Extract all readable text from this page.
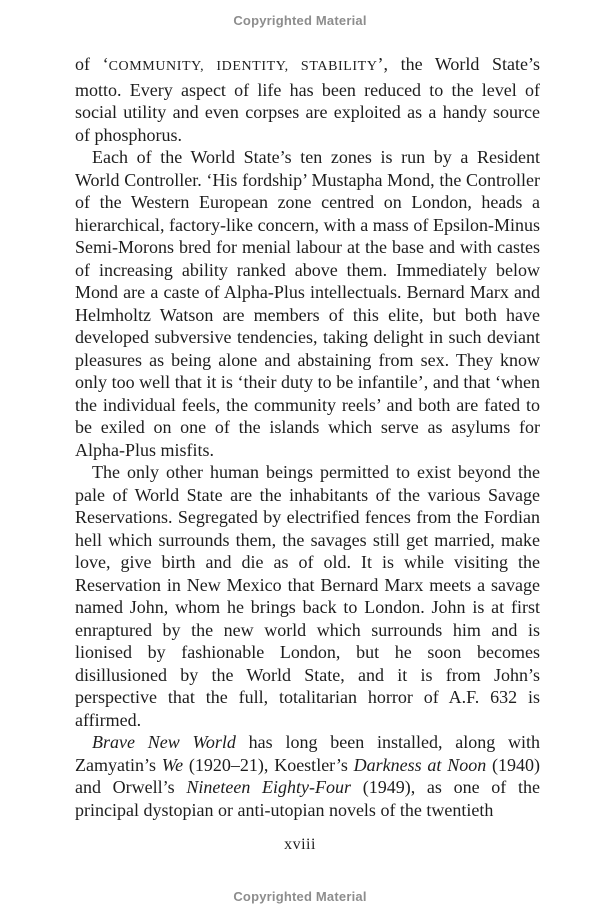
Copyrighted Material

of ‘COMMUNITY, IDENTITY, STABILITY’, the World State’s motto. Every aspect of life has been reduced to the level of social utility and even corpses are exploited as a handy source of phosphorus.

Each of the World State’s ten zones is run by a Resident World Controller. ‘His fordship’ Mustapha Mond, the Controller of the Western European zone centred on London, heads a hierarchical, factory-like concern, with a mass of Epsilon-Minus Semi-Morons bred for menial labour at the base and with castes of increasing ability ranked above them. Immediately below Mond are a caste of Alpha-Plus intellectuals. Bernard Marx and Helmholtz Watson are members of this elite, but both have developed subversive tendencies, taking delight in such deviant pleasures as being alone and abstaining from sex. They know only too well that it is ‘their duty to be infantile’, and that ‘when the individual feels, the community reels’ and both are fated to be exiled on one of the islands which serve as asylums for Alpha-Plus misfits.

The only other human beings permitted to exist beyond the pale of World State are the inhabitants of the various Savage Reservations. Segregated by electrified fences from the Fordian hell which surrounds them, the savages still get married, make love, give birth and die as of old. It is while visiting the Reservation in New Mexico that Bernard Marx meets a savage named John, whom he brings back to London. John is at first enraptured by the new world which surrounds him and is lionised by fashionable London, but he soon becomes disillusioned by the World State, and it is from John’s perspective that the full, totalitarian horror of A.F. 632 is affirmed.

Brave New World has long been installed, along with Zamyatin’s We (1920–21), Koestler’s Darkness at Noon (1940) and Orwell’s Nineteen Eighty-Four (1949), as one of the principal dystopian or anti-utopian novels of the twentieth

xviii
Copyrighted Material
